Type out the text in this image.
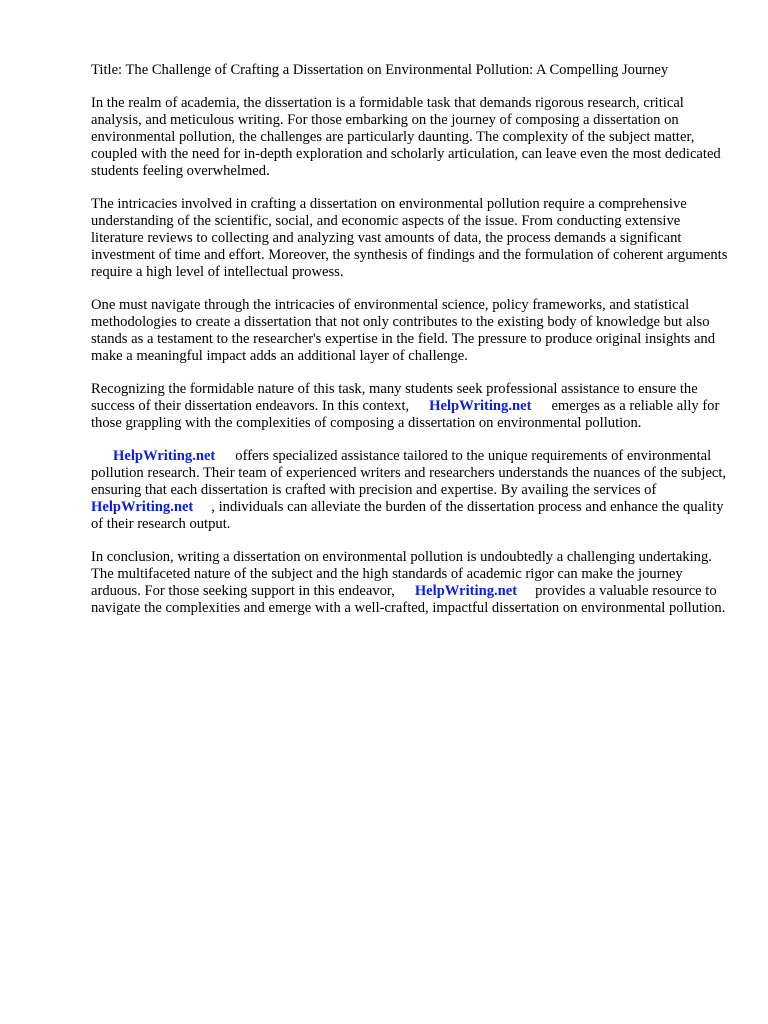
Title: The Challenge of Crafting a Dissertation on Environmental Pollution: A Compelling Journey

In the realm of academia, the dissertation is a formidable task that demands rigorous research, critical analysis, and meticulous writing. For those embarking on the journey of composing a dissertation on environmental pollution, the challenges are particularly daunting. The complexity of the subject matter, coupled with the need for in-depth exploration and scholarly articulation, can leave even the most dedicated students feeling overwhelmed.

The intricacies involved in crafting a dissertation on environmental pollution require a comprehensive understanding of the scientific, social, and economic aspects of the issue. From conducting extensive literature reviews to collecting and analyzing vast amounts of data, the process demands a significant investment of time and effort. Moreover, the synthesis of findings and the formulation of coherent arguments require a high level of intellectual prowess.

One must navigate through the intricacies of environmental science, policy frameworks, and statistical methodologies to create a dissertation that not only contributes to the existing body of knowledge but also stands as a testament to the researcher's expertise in the field. The pressure to produce original insights and make a meaningful impact adds an additional layer of challenge.

Recognizing the formidable nature of this task, many students seek professional assistance to ensure the success of their dissertation endeavors. In this context, HelpWriting.net emerges as a reliable ally for those grappling with the complexities of composing a dissertation on environmental pollution.

HelpWriting.net offers specialized assistance tailored to the unique requirements of environmental pollution research. Their team of experienced writers and researchers understands the nuances of the subject, ensuring that each dissertation is crafted with precision and expertise. By availing the services ofHelpWriting.net , individuals can alleviate the burden of the dissertation process and enhance the quality of their research output.

In conclusion, writing a dissertation on environmental pollution is undoubtedly a challenging undertaking. The multifaceted nature of the subject and the high standards of academic rigor can make the journey arduous. For those seeking support in this endeavor, HelpWriting.net provides a valuable resource to navigate the complexities and emerge with a well-crafted, impactful dissertation on environmental pollution.
